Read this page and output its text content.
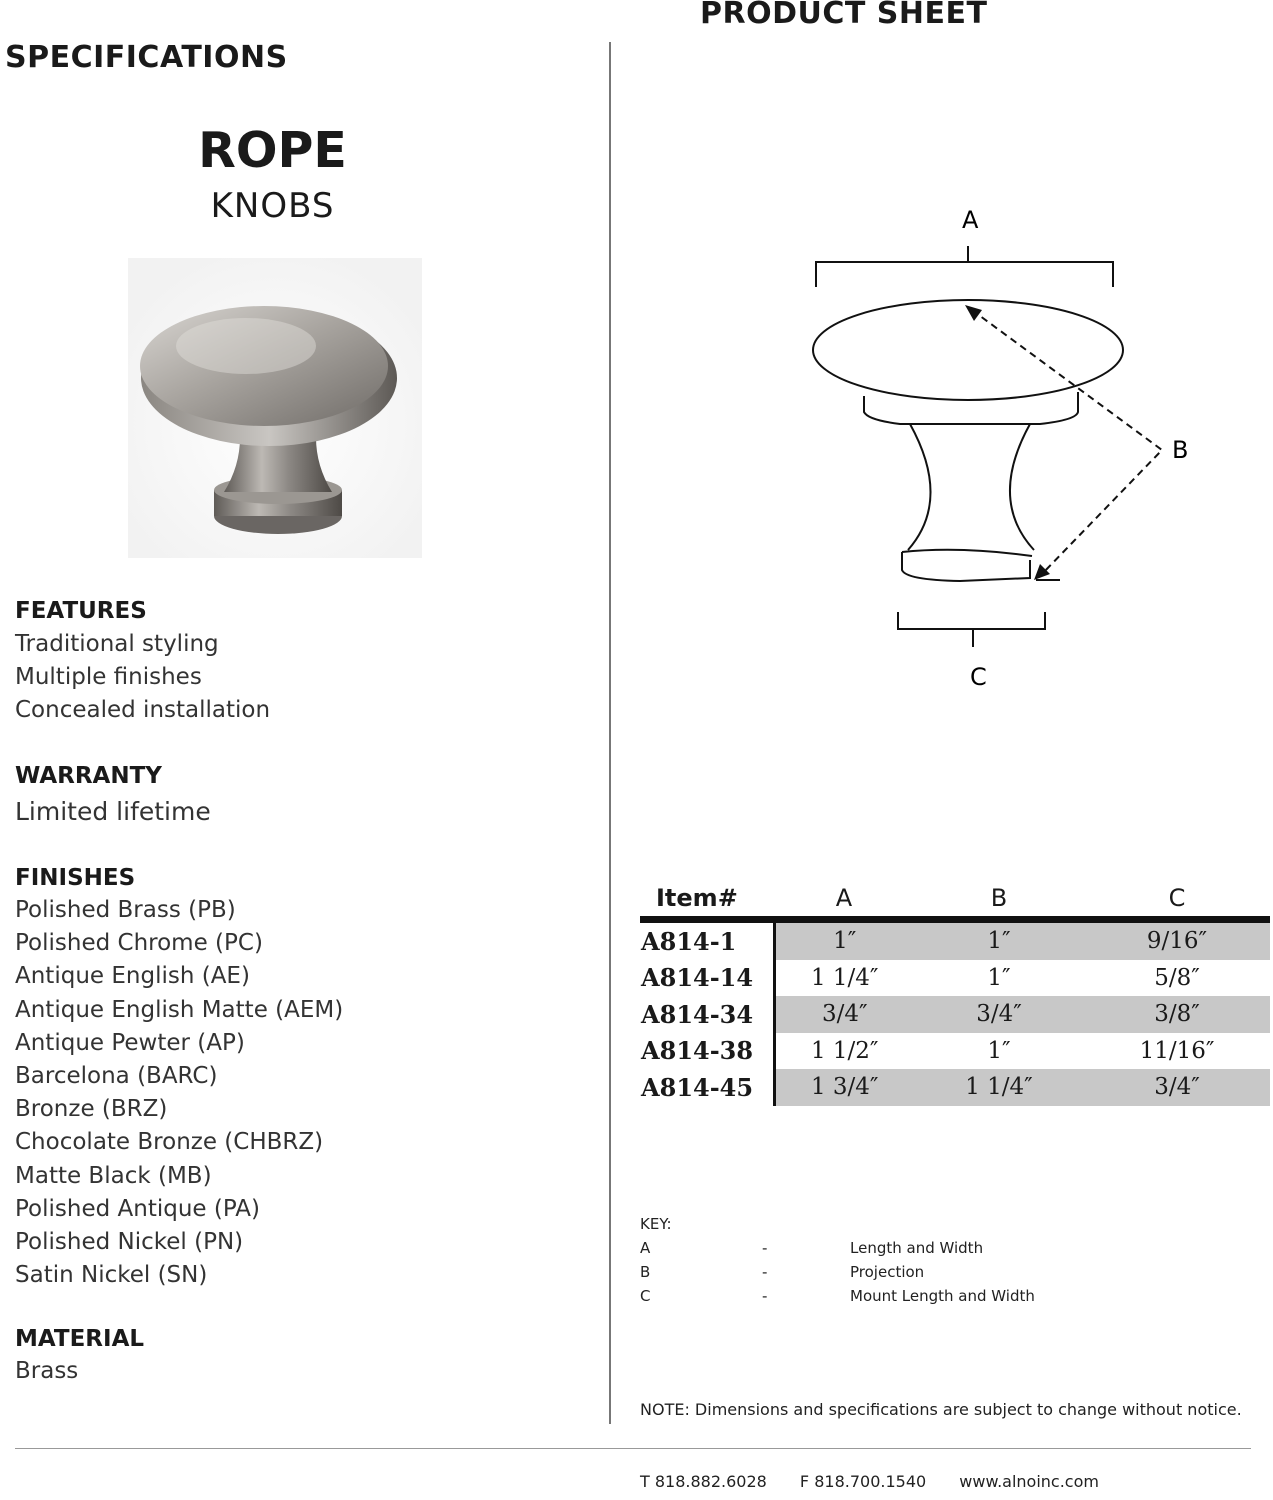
PRODUCT SHEET
SPECIFICATIONS
ROPE
KNOBS
FEATURES
Traditional styling
Multiple finishes
Concealed installation
WARRANTY
Limited lifetime
FINISHES
Polished Brass (PB)
Polished Chrome (PC)
Antique English (AE)
Antique English Matte (AEM)
Antique Pewter (AP)
Barcelona (BARC)
Bronze (BRZ)
Chocolate Bronze (CHBRZ)
Matte Black (MB)
Polished Antique (PA)
Polished Nickel (PN)
Satin Nickel (SN)
MATERIAL
Brass
A
B
C
Item#	A	B	C
A814-1	1″	1″	9/16″
A814-14	1 1/4″	1″	5/8″
A814-34	3/4″	3/4″	3/8″
A814-38	1 1/2″	1″	11/16″
A814-45	1 3/4″	1 1/4″	3/4″
KEY:
A	-	Length and Width
B	-	Projection
C	-	Mount Length and Width
NOTE: Dimensions and specifications are subject to change without notice.
T 818.882.6028 F 818.700.1540 www.alnoinc.com
